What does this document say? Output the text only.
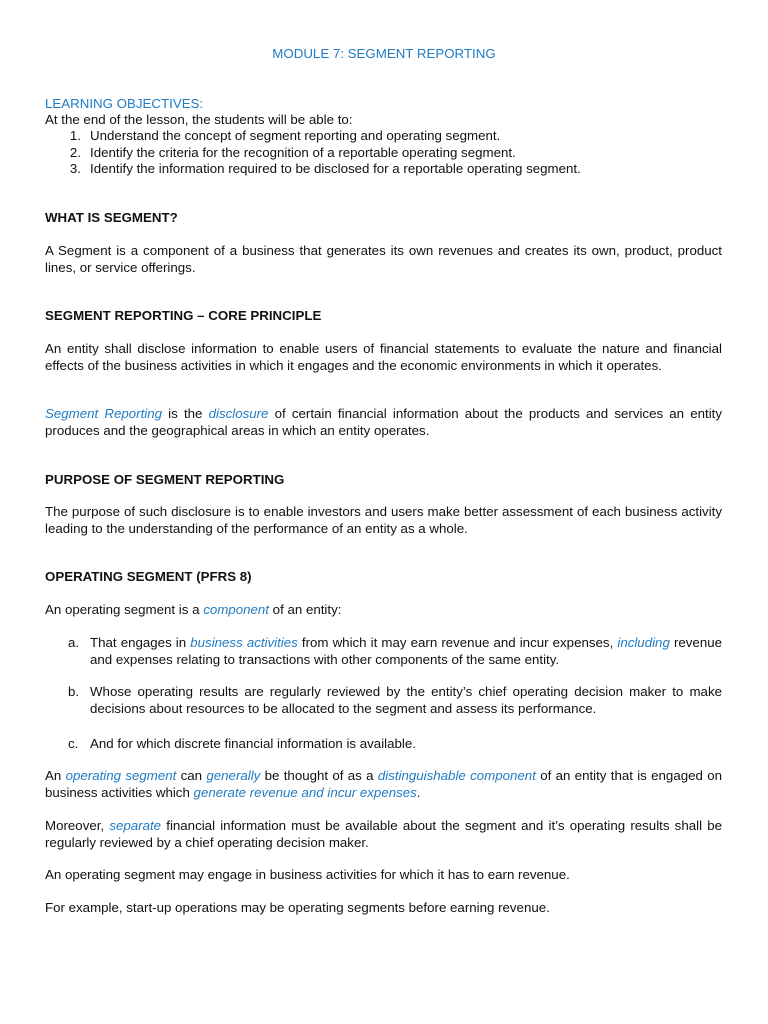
MODULE 7: SEGMENT REPORTING
LEARNING OBJECTIVES:
At the end of the lesson, the students will be able to:
1. Understand the concept of segment reporting and operating segment.
2. Identify the criteria for the recognition of a reportable operating segment.
3. Identify the information required to be disclosed for a reportable operating segment.
WHAT IS SEGMENT?

A Segment is a component of a business that generates its own revenues and creates its own, product, product lines, or service offerings.

SEGMENT REPORTING – CORE PRINCIPLE

An entity shall disclose information to enable users of financial statements to evaluate the nature and financial effects of the business activities in which it engages and the economic environments in which it operates.

Segment Reporting is the disclosure of certain financial information about the products and services an entity produces and the geographical areas in which an entity operates.

PURPOSE OF SEGMENT REPORTING

The purpose of such disclosure is to enable investors and users make better assessment of each business activity leading to the understanding of the performance of an entity as a whole.

OPERATING SEGMENT (PFRS 8)

An operating segment is a component of an entity:

a. That engages in business activities from which it may earn revenue and incur expenses, including revenue and expenses relating to transactions with other components of the same entity.
b. Whose operating results are regularly reviewed by the entity’s chief operating decision maker to make decisions about resources to be allocated to the segment and assess its performance.
c. And for which discrete financial information is available.

An operating segment can generally be thought of as a distinguishable component of an entity that is engaged on business activities which generate revenue and incur expenses.

Moreover, separate financial information must be available about the segment and it’s operating results shall be regularly reviewed by a chief operating decision maker.

An operating segment may engage in business activities for which it has to earn revenue.

For example, start-up operations may be operating segments before earning revenue.
